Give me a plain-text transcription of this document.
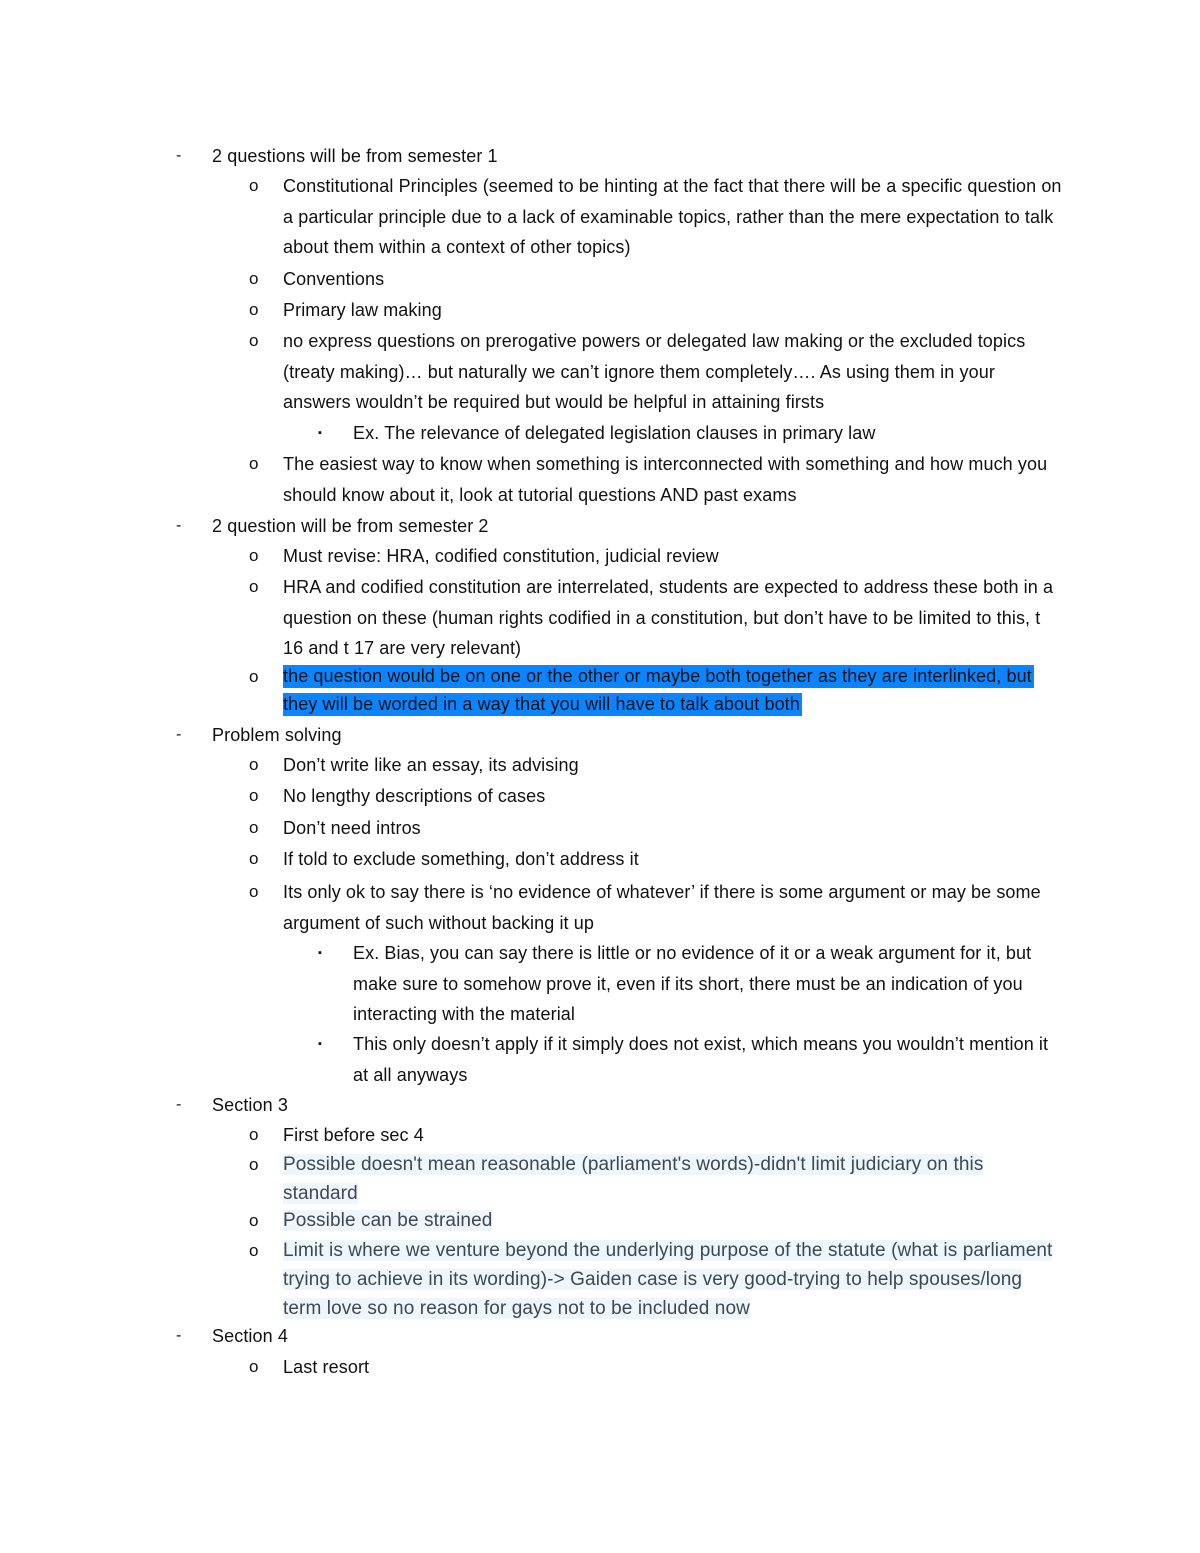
- 2 questions will be from semester 1
o Constitutional Principles (seemed to be hinting at the fact that there will be a specific question on a particular principle due to a lack of examinable topics, rather than the mere expectation to talk about them within a context of other topics)
o Conventions
o Primary law making
o no express questions on prerogative powers or delegated law making or the excluded topics (treaty making)… but naturally we can’t ignore them completely…. As using them in your answers wouldn’t be required but would be helpful in attaining firsts
▪ Ex. The relevance of delegated legislation clauses in primary law
o The easiest way to know when something is interconnected with something and how much you should know about it, look at tutorial questions AND past exams
- 2 question will be from semester 2
o Must revise: HRA, codified constitution, judicial review
o HRA and codified constitution are interrelated, students are expected to address these both in a question on these (human rights codified in a constitution, but don’t have to be limited to this, t 16 and t 17 are very relevant)
o the question would be on one or the other or maybe both together as they are interlinked, but they will be worded in a way that you will have to talk about both
- Problem solving
o Don’t write like an essay, its advising
o No lengthy descriptions of cases
o Don’t need intros
o If told to exclude something, don’t address it
o Its only ok to say there is ‘no evidence of whatever’ if there is some argument or may be some argument of such without backing it up
▪ Ex. Bias, you can say there is little or no evidence of it or a weak argument for it, but make sure to somehow prove it, even if its short, there must be an indication of you interacting with the material
▪ This only doesn’t apply if it simply does not exist, which means you wouldn’t mention it at all anyways
- Section 3
o First before sec 4
o Possible doesn't mean reasonable (parliament's words)-didn't limit judiciary on this standard
o Possible can be strained
o Limit is where we venture beyond the underlying purpose of the statute (what is parliament trying to achieve in its wording)-> Gaiden case is very good-trying to help spouses/long term love so no reason for gays not to be included now
- Section 4
o Last resort
